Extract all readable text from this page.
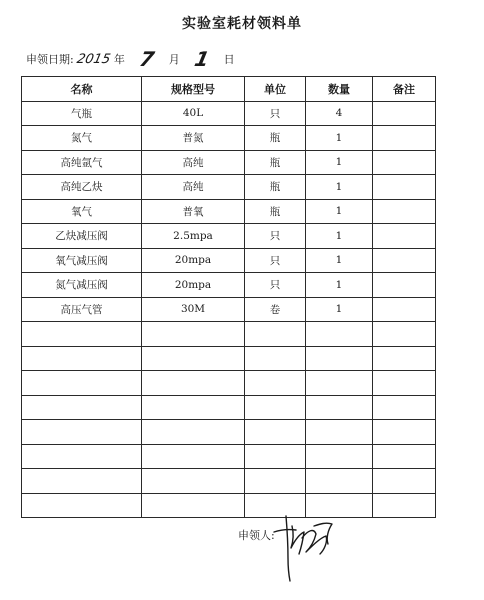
实验室耗材领料单
申领日期: 2015 年 7 月 1 日
名称	规格型号	单位	数量	备注
气瓶	40L	只	4	
氮气	普氮	瓶	1	
高纯氩气	高纯	瓶	1	
高纯乙炔	高纯	瓶	1	
氧气	普氧	瓶	1	
乙炔减压阀	2.5mpa	只	1	
氧气减压阀	20mpa	只	1	
氮气减压阀	20mpa	只	1	
高压气管	30M	卷	1	

申领人:
